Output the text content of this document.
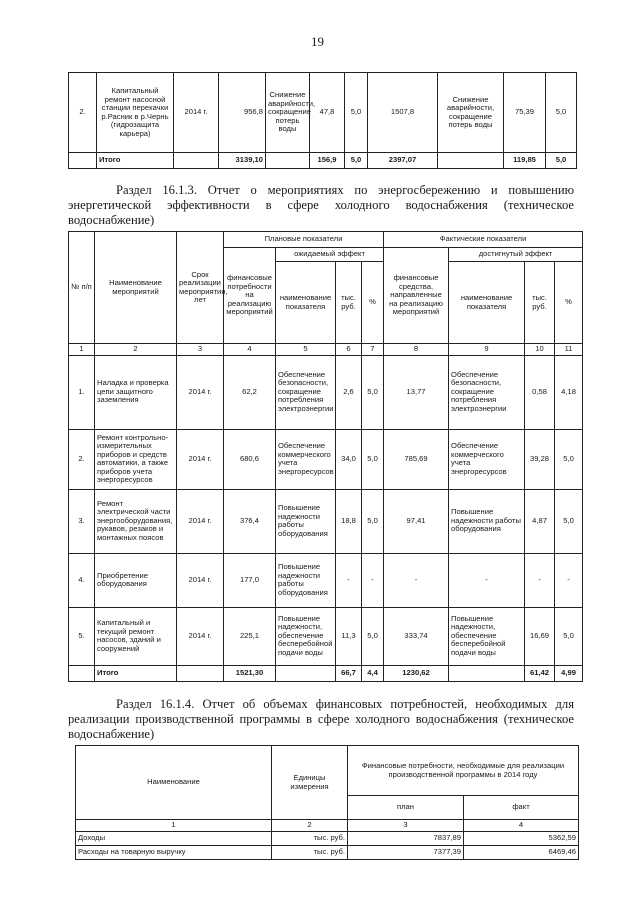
19
2.	Капитальный ремонт насосной станции перекачки р.Расник в р.Чернь (гидрозащита карьера)	2014 г.	956,8	Снижение аварийности, сокращение потерь воды	47,8	5,0	1507,8	Снижение аварийности, сокращение потерь воды	75,39	5,0
	Итого		3139,10		156,9	5,0	2397,07		119,85	5,0

Раздел 16.1.3. Отчет о мероприятиях по энергосбережению и повышению энергетической эффективности в сфере холодного водоснабжения (техническое водоснабжение)

№ п/п	Наименование мероприятий	Срок реализации мероприятия, лет	Плановые показатели				Фактические показатели			
			финансовые потребности на реализацию мероприятий	ожидаемый эффект			финансовые средства, направленные на реализацию мероприятий	достигнутый эффект		
				наименование показателя	тыс. руб.	%		наименование показателя	тыс. руб.	%
1	2	3	4	5	6	7	8	9	10	11
1.	Наладка и проверка цепи защитного заземления	2014 г.	62,2	Обеспечение безопасности, сокращение потребления электроэнергии	2,6	5,0	13,77	Обеспечение безопасности, сокращение потребления электроэнергии	0,58	4,18
2.	Ремонт контрольно-измерительных приборов и средств автоматики, а также приборов учета энергоресурсов	2014 г.	680,6	Обеспечение коммерческого учета энергоресурсов	34,0	5,0	785,69	Обеспечение коммерческого учета энергоресурсов	39,28	5,0
3.	Ремонт электрической части энергооборудования, рукавов, резаков и монтажных поясов	2014 г.	376,4	Повышение надежности работы оборудования	18,8	5,0	97,41	Повышение надежности работы оборудования	4,87	5,0
4.	Приобретение оборудования	2014 г.	177,0	Повышение надежности работы оборудования	-	-	-	-	-	-
5.	Капитальный и текущий ремонт насосов, зданий и сооружений	2014 г.	225,1	Повышение надежности, обеспечение бесперебойной подачи воды	11,3	5,0	333,74	Повышение надежности, обеспечение бесперебойной подачи воды	16,69	5,0
	Итого		1521,30		66,7	4,4	1230,62		61,42	4,99

Раздел 16.1.4. Отчет об объемах финансовых потребностей, необходимых для реализации производственной программы в сфере холодного водоснабжения (техническое водоснабжение)

Наименование	Единицы измерения	Финансовые потребности, необходимые для реализации производственной программы в 2014 году	
		план	факт
1	2	3	4
Доходы	тыс. руб.	7837,89	5362,59
Расходы на товарную выручку	тыс. руб.	7377,39	6469,46
